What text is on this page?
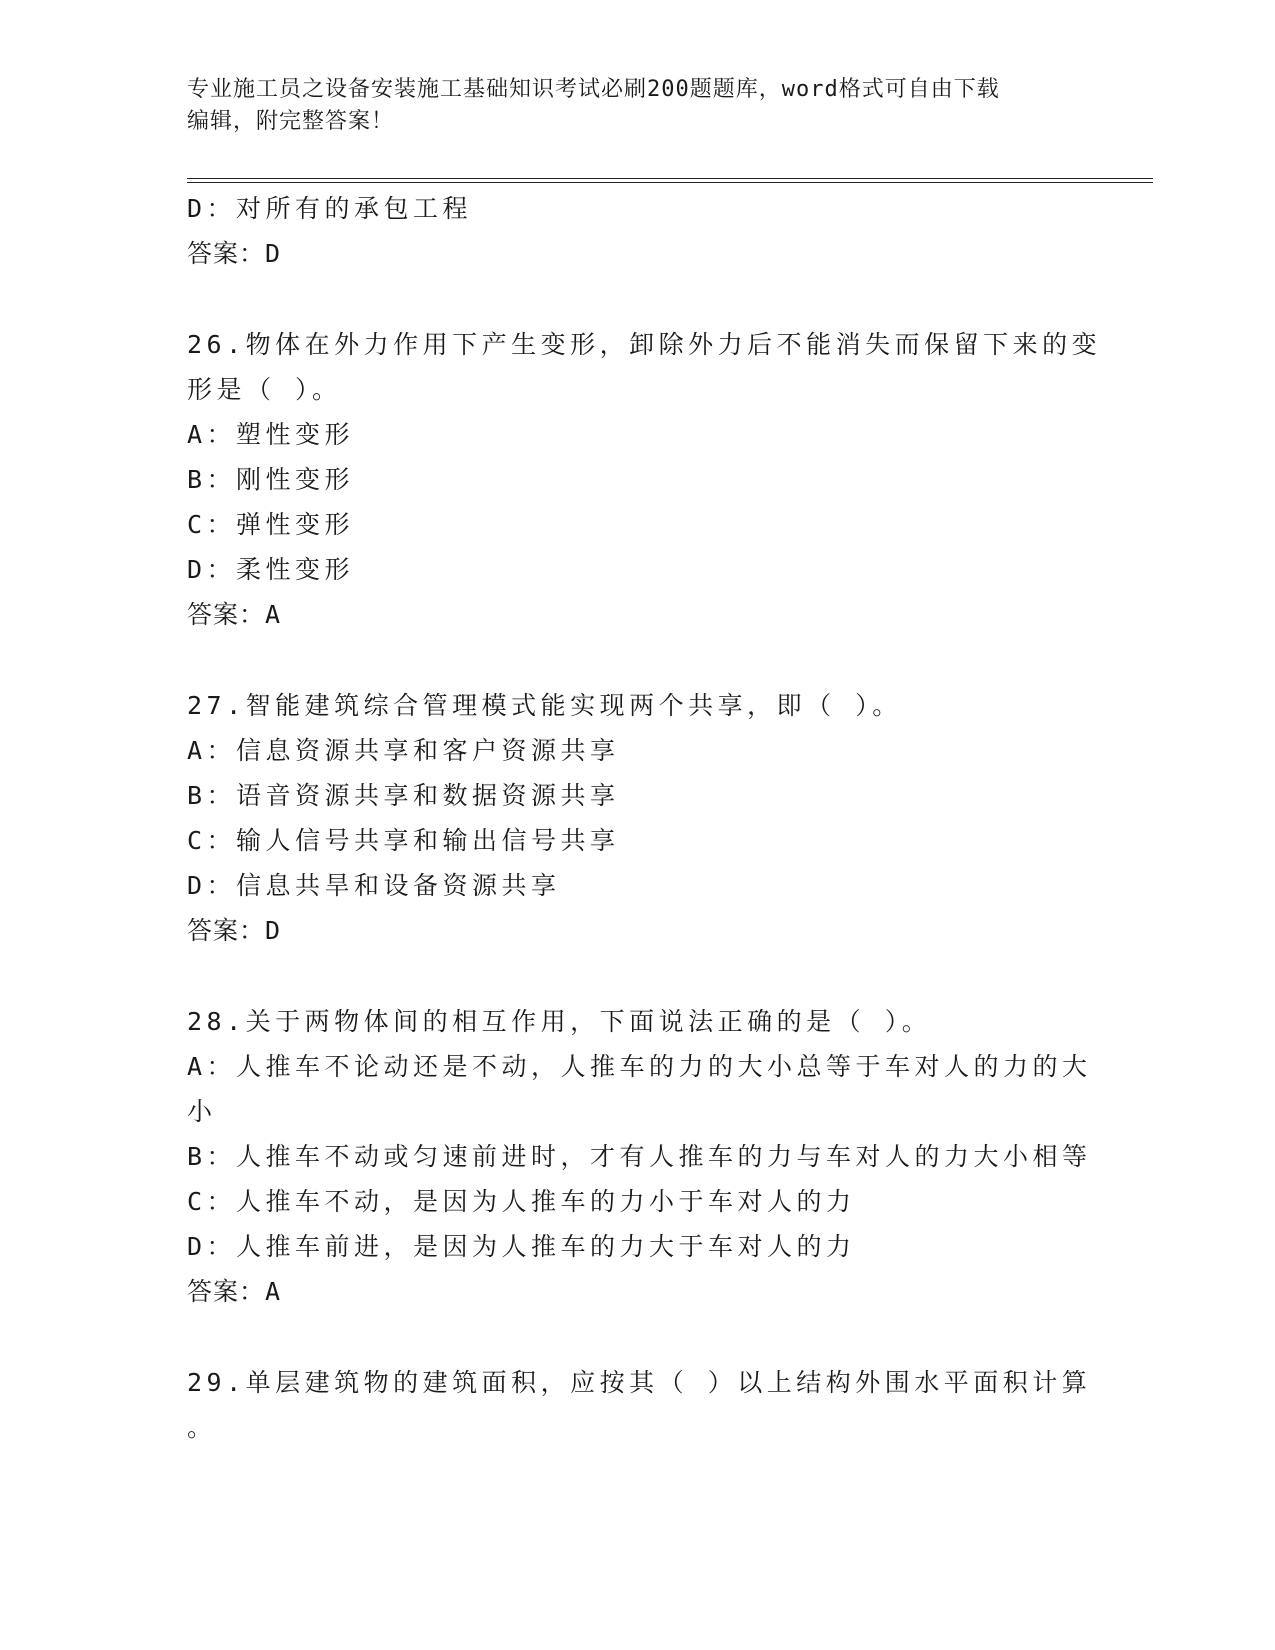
专业施工员之设备安装施工基础知识考试必刷200题题库，word格式可自由下载
编辑，附完整答案！
D：对所有的承包工程
答案：D
26.物体在外力作用下产生变形，卸除外力后不能消失而保留下来的变
形是（ ）。
A：塑性变形
B：刚性变形
C：弹性变形
D：柔性变形
答案：A
27.智能建筑综合管理模式能实现两个共享，即（ ）。
A：信息资源共享和客户资源共享
B：语音资源共享和数据资源共享
C：输人信号共享和输出信号共享
D：信息共旱和设备资源共享
答案：D
28.关于两物体间的相互作用，下面说法正确的是（ ）。
A：人推车不论动还是不动，人推车的力的大小总等于车对人的力的大
小
B：人推车不动或匀速前进时，才有人推车的力与车对人的力大小相等
C：人推车不动，是因为人推车的力小于车对人的力
D：人推车前进，是因为人推车的力大于车对人的力
答案：A
29.单层建筑物的建筑面积，应按其（ ）以上结构外围水平面积计算
。
